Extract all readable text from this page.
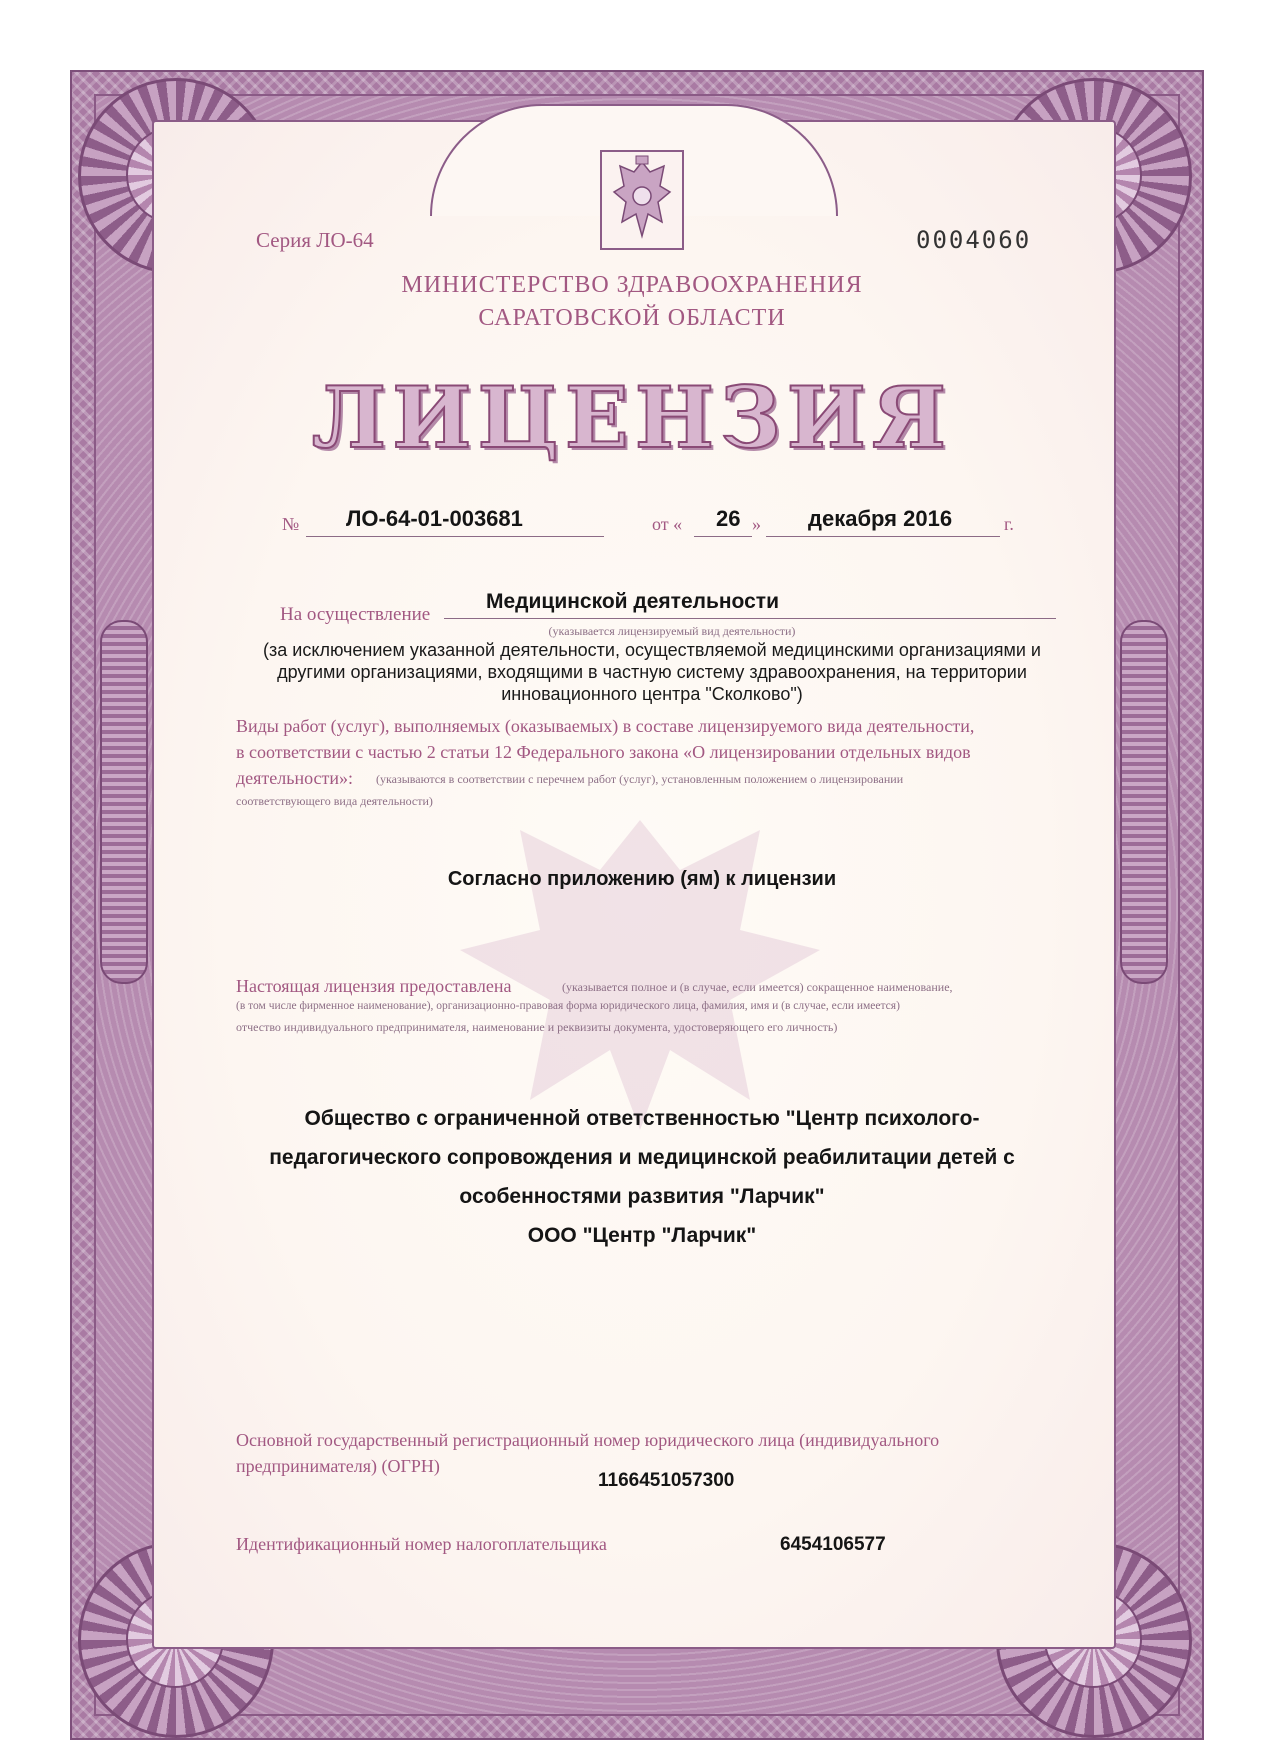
Серия ЛО-64	0004060
МИНИСТЕРСТВО ЗДРАВООХРАНЕНИЯ
САРАТОВСКОЙ ОБЛАСТИ
ЛИЦЕНЗИЯ
№ ЛО-64-01-003681	от « 26 » декабря 2016	г.
На осуществление
Медицинской деятельности
(указывается лицензируемый вид деятельности)
(за исключением указанной деятельности, осуществляемой медицинскими организациями и
другими организациями, входящими в частную систему здравоохранения, на территории
инновационного центра "Сколково")
Виды работ (услуг), выполняемых (оказываемых) в составе лицензируемого вида деятельности,
в соответствии с частью 2 статьи 12 Федерального закона «О лицензировании отдельных видов
деятельности»: (указываются в соответствии с перечнем работ (услуг), установленным положением о лицензировании
соответствующего вида деятельности)
Согласно приложению (ям) к лицензии
Настоящая лицензия предоставлена	(указывается полное и (в случае, если имеется) сокращенное наименование,
(в том числе фирменное наименование), организационно-правовая форма юридического лица, фамилия, имя и (в случае, если имеется)
отчество индивидуального предпринимателя, наименование и реквизиты документа, удостоверяющего его личность)
Общество с ограниченной ответственностью "Центр психолого-
педагогического сопровождения и медицинской реабилитации детей с
особенностями развития "Ларчик"
ООО "Центр "Ларчик"
Основной государственный регистрационный номер юридического лица (индивидуального
предпринимателя) (ОГРН)
1166451057300
Идентификационный номер налогоплательщика	6454106577
